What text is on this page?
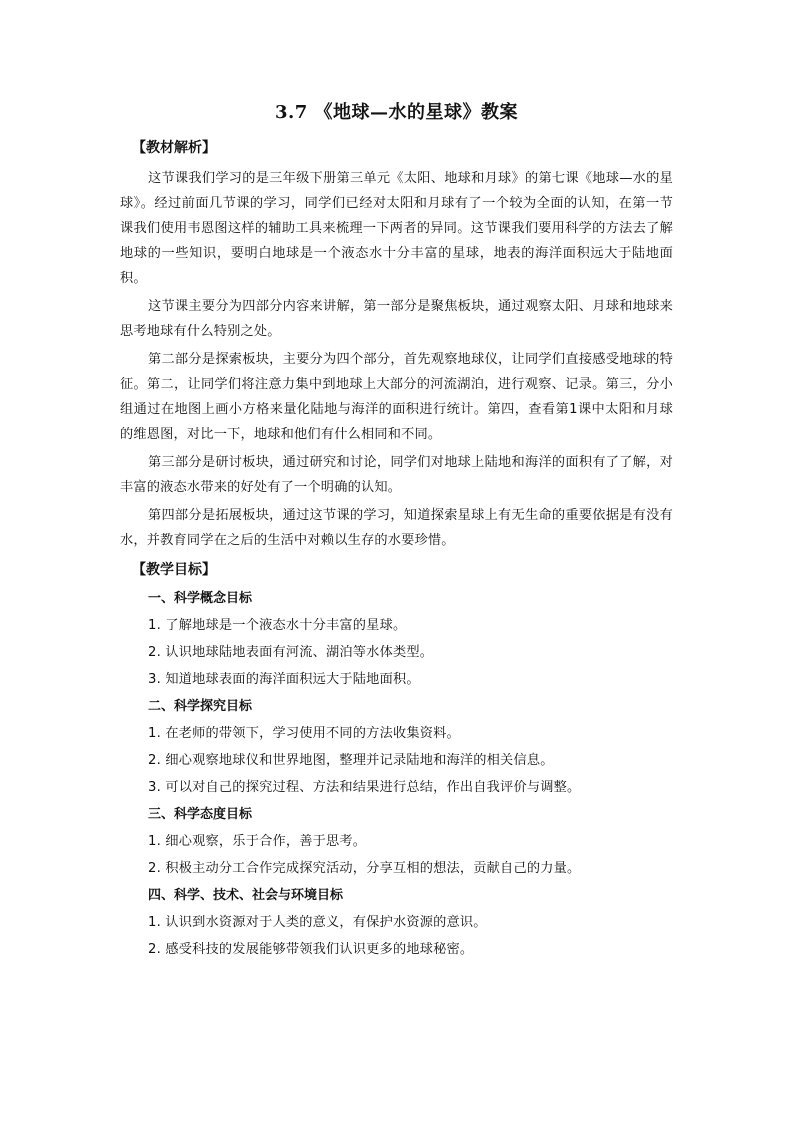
3.7 《地球—水的星球》教案
【教材解析】

这节课我们学习的是三年级下册第三单元《太阳、地球和月球》的第七课《地球—水的星球》。经过前面几节课的学习，同学们已经对太阳和月球有了一个较为全面的认知，在第一节课我们使用韦恩图这样的辅助工具来梳理一下两者的异同。这节课我们要用科学的方法去了解地球的一些知识，要明白地球是一个液态水十分丰富的星球，地表的海洋面积远大于陆地面积。

这节课主要分为四部分内容来讲解，第一部分是聚焦板块，通过观察太阳、月球和地球来思考地球有什么特别之处。

第二部分是探索板块，主要分为四个部分，首先观察地球仪，让同学们直接感受地球的特征。第二，让同学们将注意力集中到地球上大部分的河流湖泊，进行观察、记录。第三，分小组通过在地图上画小方格来量化陆地与海洋的面积进行统计。第四，查看第1课中太阳和月球的维恩图，对比一下，地球和他们有什么相同和不同。

第三部分是研讨板块，通过研究和讨论，同学们对地球上陆地和海洋的面积有了了解，对丰富的液态水带来的好处有了一个明确的认知。

第四部分是拓展板块，通过这节课的学习，知道探索星球上有无生命的重要依据是有没有水，并教育同学在之后的生活中对赖以生存的水要珍惜。

【教学目标】
一、科学概念目标
1. 了解地球是一个液态水十分丰富的星球。
2. 认识地球陆地表面有河流、湖泊等水体类型。
3. 知道地球表面的海洋面积远大于陆地面积。
二、科学探究目标
1. 在老师的带领下，学习使用不同的方法收集资料。
2. 细心观察地球仪和世界地图，整理并记录陆地和海洋的相关信息。
3. 可以对自己的探究过程、方法和结果进行总结，作出自我评价与调整。
三、科学态度目标
1. 细心观察，乐于合作，善于思考。
2. 积极主动分工合作完成探究活动，分享互相的想法，贡献自己的力量。
四、科学、技术、社会与环境目标
1. 认识到水资源对于人类的意义，有保护水资源的意识。
2. 感受科技的发展能够带领我们认识更多的地球秘密。
